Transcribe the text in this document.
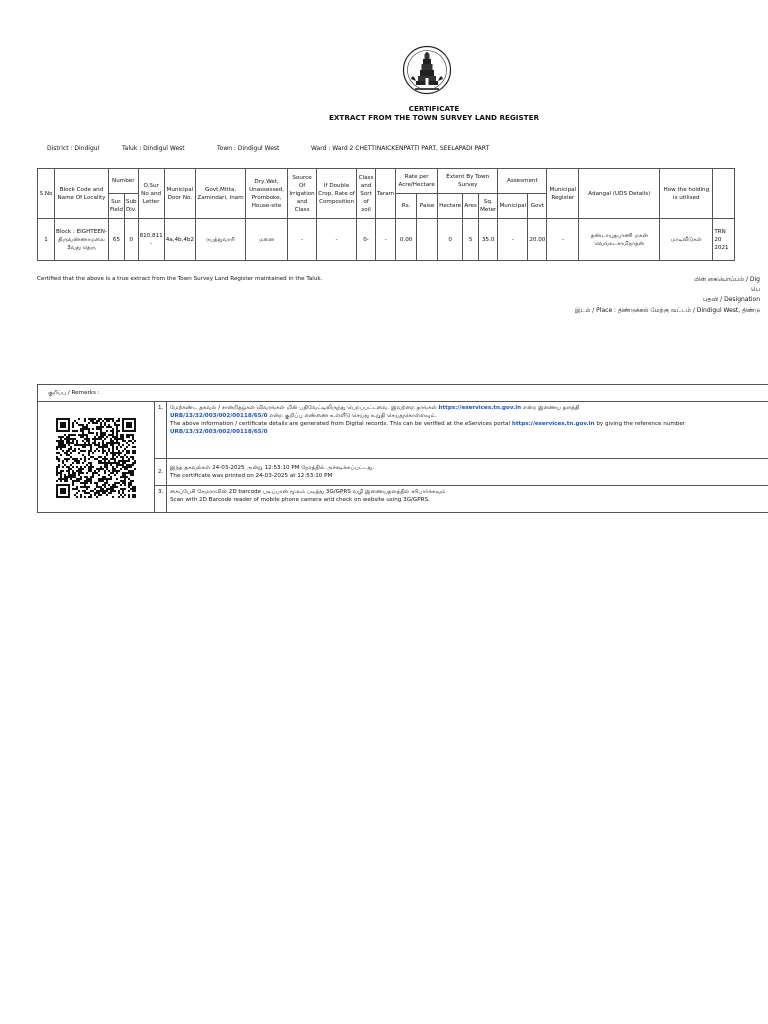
CERTIFICATE
EXTRACT FROM THE TOWN SURVEY LAND REGISTER
District : Dindigul	Taluk : Dindigul West	Town : Dindigul West	Ward : Ward 2 CHETTINAICKENPATTI PART, SEELAPADI PART
S.No	Block Code and Name Of Locality	Number		O.Sur No and Letter	Municipal Door No.	Govt,Mitta, Zamindari, Inam	Dry,Wet, Unassessed, Promboke, House-site	Source Of Irrigation and Class	If Double Crop, Rate of Composition	Class and Sort of soil	Taram	Rate per Acre/Hectare		Extent By Town Survey			Assesment		Municipal Register	Adangal (UDS Details)	How the holding is utilised	
		Sur. Field	Sub Div.									Rs.	Paise	Hectare	Ares	Sq. Meter	Municipal	Govt				
1	Block : EIGHTEEN- திருவண்ணாமலை 3வது தெரு	65	0	810,811 -	4a,4b,4b2	ரயத்துவாரி	மனை	-	-	0-	-	0.00		0	5	35.0	-	20.00	-	தண்டாயுதபாணி மகன் வெங்கடசாமிநாதன்	மாடிவீடுகள்	TRN 20 2021
Certified that the above is a true extract from the Town Survey Land Register maintained in the Taluk.	மின் கையொப்பம் / Dig
பெ
பதவி / Designation
இடம் / Place : திண்டுக்கல் மேற்கு வட்டம் / Dindigul West, திண்டு
குறிப்பு / Remarks :		

	1.	மேற்கண்ட தகவல் / சான்றிதழ்கள் விவரங்கள் மின் பதிவேட்டிலிருந்து பெறப்பட்டவை. இவற்றை தாங்கள் https://eservices.tn.gov.in என்ற இணைய தளத்தி
URB/13/32/003/002/00118/65/0 என்ற குறிப்பு எண்ணை உள்ளீடு செய்து உறுதி செய்துகொள்ளவும்.
The above information / certificate details are generated from Digital records. This can be verified at the eServices portal https://eservices.tn.gov.in by giving the reference number
URB/13/32/003/002/00118/65/0

	2.	இந்த தகவல்கள் 24-03-2025 அன்று 12:53:10 PM நேரத்தில் அச்சடிக்கப்பட்டது.
The certificate was printed on 24-03-2025 at 12:53:10 PM

	3.	கைப்பேசி கேமராவின் 2D barcode படிப்பான் மூலம் படித்து 3G/GPRS வழி இணையதளத்தில் சரிபார்க்கவும்
Scan with 2D Barcode reader of mobile phone camera and check on website using 3G/GPRS.
